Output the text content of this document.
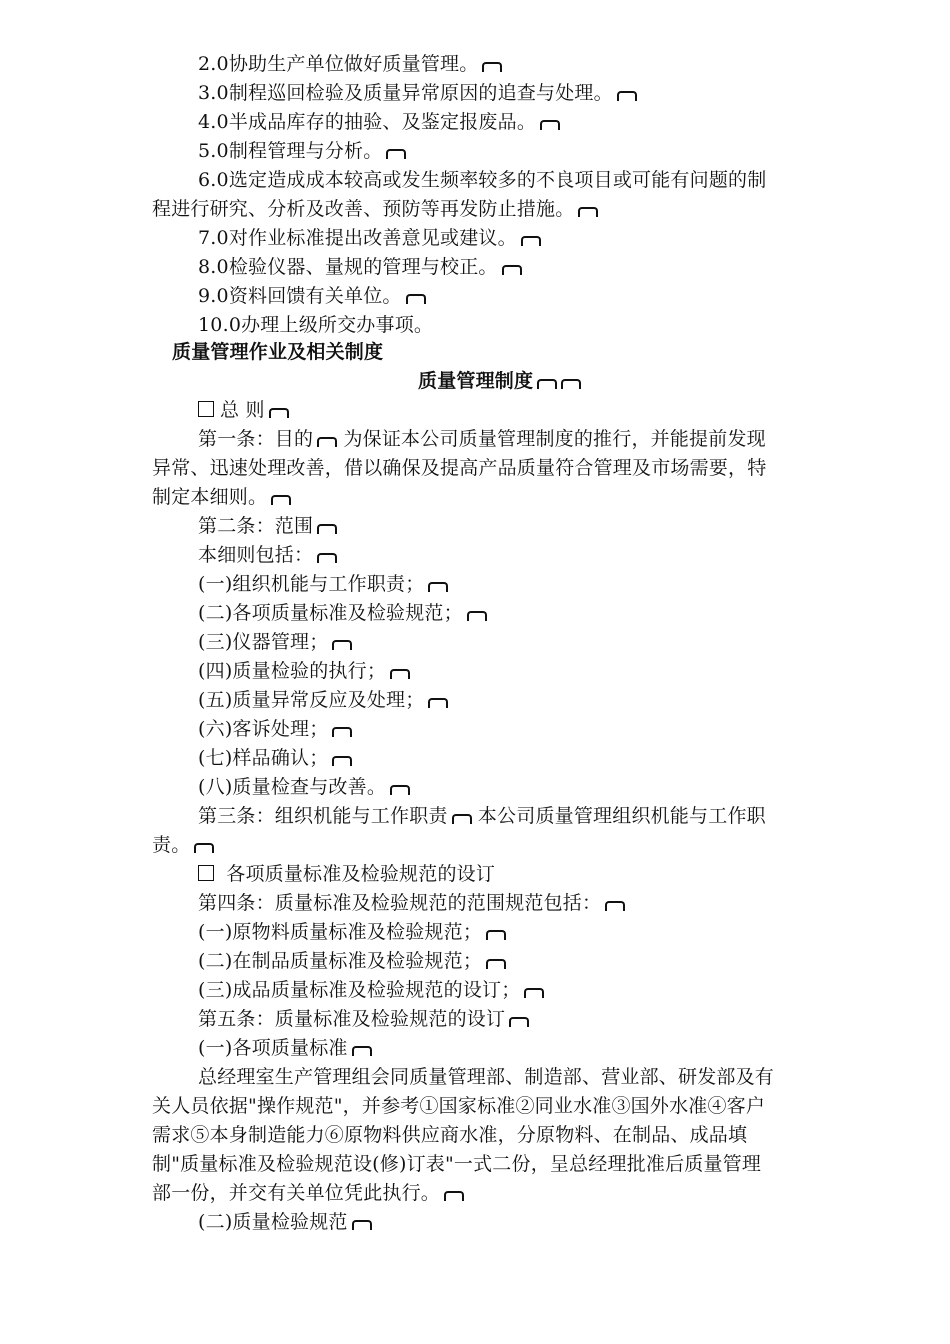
2.0协助生产单位做好质量管理。
3.0制程巡回检验及质量异常原因的追查与处理。
4.0半成品库存的抽验、及鉴定报废品。
5.0制程管理与分析。
6.0选定造成成本较高或发生频率较多的不良项目或可能有问题的制
程进行研究、分析及改善、预防等再发防止措施。
7.0对作业标准提出改善意见或建议。
8.0检验仪器、量规的管理与校正。
9.0资料回馈有关单位。
10.0办理上级所交办事项。
质量管理作业及相关制度
质量管理制度
总 则
第一条：目的 为保证本公司质量管理制度的推行，并能提前发现
异常、迅速处理改善，借以确保及提高产品质量符合管理及市场需要，特
制定本细则。
第二条：范围
本细则包括：
(一)组织机能与工作职责；
(二)各项质量标准及检验规范；
(三)仪器管理；
(四)质量检验的执行；
(五)质量异常反应及处理；
(六)客诉处理；
(七)样品确认；
(八)质量检查与改善。
第三条：组织机能与工作职责 本公司质量管理组织机能与工作职
责。
各项质量标准及检验规范的设订
第四条：质量标准及检验规范的范围规范包括：
(一)原物料质量标准及检验规范；
(二)在制品质量标准及检验规范；
(三)成品质量标准及检验规范的设订；
第五条：质量标准及检验规范的设订
(一)各项质量标准
总经理室生产管理组会同质量管理部、制造部、营业部、研发部及有
关人员依据"操作规范"，并参考①国家标准②同业水准③国外水准④客户
需求⑤本身制造能力⑥原物料供应商水准，分原物料、在制品、成品填
制"质量标准及检验规范设(修)订表"一式二份，呈总经理批准后质量管理
部一份，并交有关单位凭此执行。
(二)质量检验规范
